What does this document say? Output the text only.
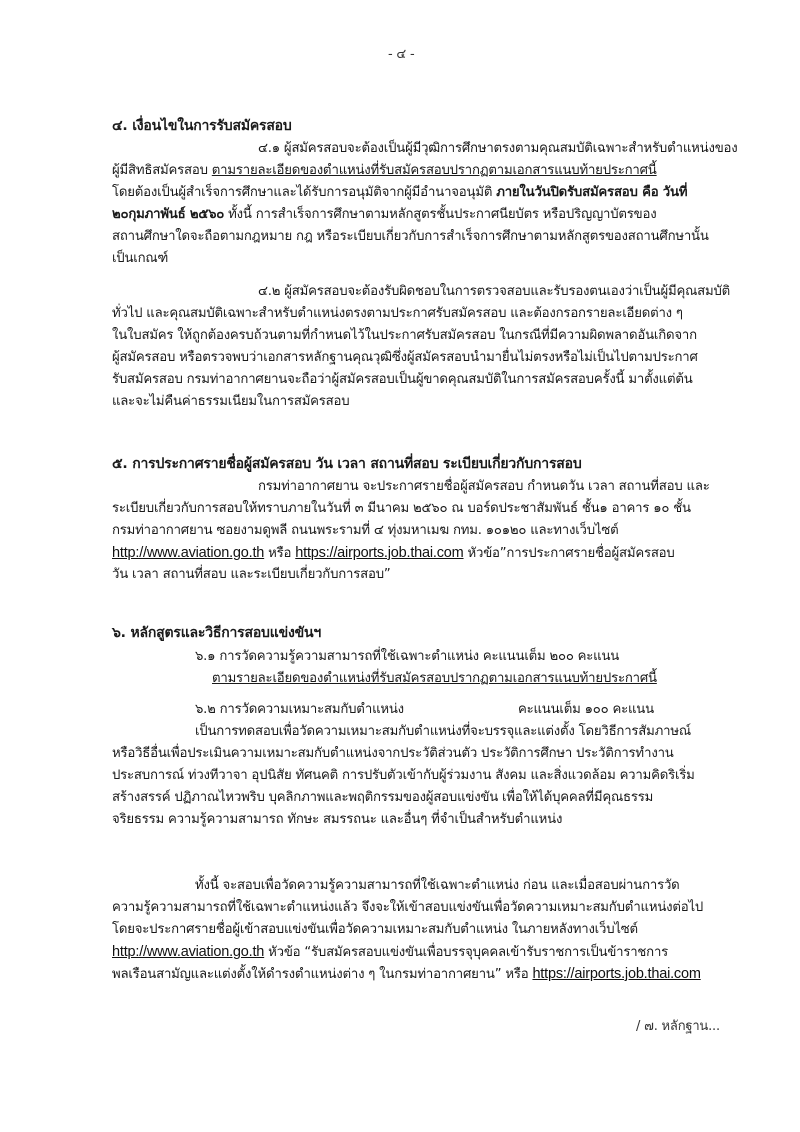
- ๔ -
๔. เงื่อนไขในการรับสมัครสอบ
๔.๑ ผู้สมัครสอบจะต้องเป็นผู้มีวุฒิการศึกษาตรงตามคุณสมบัติเฉพาะสำหรับตำแหน่งของ
ผู้มีสิทธิสมัครสอบ ตามรายละเอียดของตำแหน่งที่รับสมัครสอบปรากฏตามเอกสารแนบท้ายประกาศนี้
โดยต้องเป็นผู้สำเร็จการศึกษาและได้รับการอนุมัติจากผู้มีอำนาจอนุมัติ ภายในวันปิดรับสมัครสอบ คือ วันที่
๒๐กุมภาพันธ์ ๒๕๖๐ ทั้งนี้ การสำเร็จการศึกษาตามหลักสูตรชั้นประกาศนียบัตร หรือปริญญาบัตรของ
สถานศึกษาใดจะถือตามกฎหมาย กฎ หรือระเบียบเกี่ยวกับการสำเร็จการศึกษาตามหลักสูตรของสถานศึกษานั้น
เป็นเกณฑ์
๔.๒ ผู้สมัครสอบจะต้องรับผิดชอบในการตรวจสอบและรับรองตนเองว่าเป็นผู้มีคุณสมบัติ
ทั่วไป และคุณสมบัติเฉพาะสำหรับตำแหน่งตรงตามประกาศรับสมัครสอบ และต้องกรอกรายละเอียดต่าง ๆ
ในใบสมัคร ให้ถูกต้องครบถ้วนตามที่กำหนดไว้ในประกาศรับสมัครสอบ ในกรณีที่มีความผิดพลาดอันเกิดจาก
ผู้สมัครสอบ หรือตรวจพบว่าเอกสารหลักฐานคุณวุฒิซึ่งผู้สมัครสอบนำมายื่นไม่ตรงหรือไม่เป็นไปตามประกาศ
รับสมัครสอบ กรมท่าอากาศยานจะถือว่าผู้สมัครสอบเป็นผู้ขาดคุณสมบัติในการสมัครสอบครั้งนี้ มาตั้งแต่ต้น
และจะไม่คืนค่าธรรมเนียมในการสมัครสอบ
๕. การประกาศรายชื่อผู้สมัครสอบ วัน เวลา สถานที่สอบ ระเบียบเกี่ยวกับการสอบ
กรมท่าอากาศยาน จะประกาศรายชื่อผู้สมัครสอบ กำหนดวัน เวลา สถานที่สอบ และ
ระเบียบเกี่ยวกับการสอบให้ทราบภายในวันที่ ๓ มีนาคม ๒๕๖๐ ณ บอร์ดประชาสัมพันธ์ ชั้น๑ อาคาร ๑๐ ชั้น
กรมท่าอากาศยาน ซอยงามดูพลี ถนนพระรามที่ ๔ ทุ่งมหาเมฆ กทม. ๑๐๑๒๐ และทางเว็บไซต์
http://www.aviation.go.th หรือ https://airports.job.thai.com หัวข้อ”การประกาศรายชื่อผู้สมัครสอบ
วัน เวลา สถานที่สอบ และระเบียบเกี่ยวกับการสอบ”
๖. หลักสูตรและวิธีการสอบแข่งขันฯ
๖.๑ การวัดความรู้ความสามารถที่ใช้เฉพาะตำแหน่ง คะแนนเต็ม ๒๐๐ คะแนน
ตามรายละเอียดของตำแหน่งที่รับสมัครสอบปรากฏตามเอกสารแนบท้ายประกาศนี้
๖.๒ การวัดความเหมาะสมกับตำแหน่ง	คะแนนเต็ม ๑๐๐ คะแนน
เป็นการทดสอบเพื่อวัดความเหมาะสมกับตำแหน่งที่จะบรรจุและแต่งตั้ง โดยวิธีการสัมภาษณ์
หรือวิธีอื่นเพื่อประเมินความเหมาะสมกับตำแหน่งจากประวัติส่วนตัว ประวัติการศึกษา ประวัติการทำงาน
ประสบการณ์ ท่วงทีวาจา อุปนิสัย ทัศนคติ การปรับตัวเข้ากับผู้ร่วมงาน สังคม และสิ่งแวดล้อม ความคิดริเริ่ม
สร้างสรรค์ ปฏิภาณไหวพริบ บุคลิกภาพและพฤติกรรมของผู้สอบแข่งขัน เพื่อให้ได้บุคคลที่มีคุณธรรม
จริยธรรม ความรู้ความสามารถ ทักษะ สมรรถนะ และอื่นๆ ที่จำเป็นสำหรับตำแหน่ง
ทั้งนี้ จะสอบเพื่อวัดความรู้ความสามารถที่ใช้เฉพาะตำแหน่ง ก่อน และเมื่อสอบผ่านการวัด
ความรู้ความสามารถที่ใช้เฉพาะตำแหน่งแล้ว จึงจะให้เข้าสอบแข่งขันเพื่อวัดความเหมาะสมกับตำแหน่งต่อไป
โดยจะประกาศรายชื่อผู้เข้าสอบแข่งขันเพื่อวัดความเหมาะสมกับตำแหน่ง ในภายหลังทางเว็บไซต์
http://www.aviation.go.th หัวข้อ “รับสมัครสอบแข่งขันเพื่อบรรจุบุคคลเข้ารับราชการเป็นข้าราชการ
พลเรือนสามัญและแต่งตั้งให้ดำรงตำแหน่งต่าง ๆ ในกรมท่าอากาศยาน” หรือ https://airports.job.thai.com
/ ๗. หลักฐาน...
